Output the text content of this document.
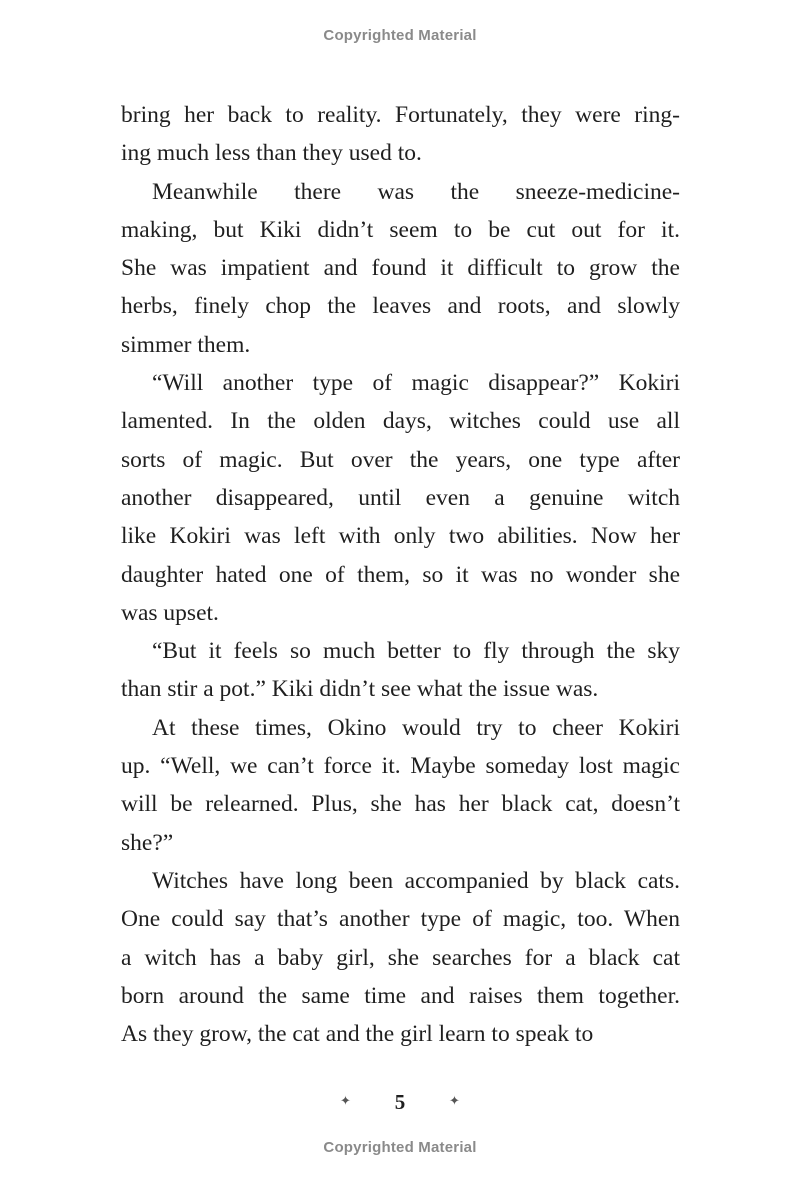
Copyrighted Material

bring her back to reality. Fortunately, they were ring-
ing much less than they used to.

Meanwhile there was the sneeze-medicine-
making, but Kiki didn’t seem to be cut out for it.
She was impatient and found it difficult to grow the
herbs, finely chop the leaves and roots, and slowly
simmer them.

“Will another type of magic disappear?” Kokiri
lamented. In the olden days, witches could use all
sorts of magic. But over the years, one type after
another disappeared, until even a genuine witch
like Kokiri was left with only two abilities. Now her
daughter hated one of them, so it was no wonder she
was upset.

“But it feels so much better to fly through the sky
than stir a pot.” Kiki didn’t see what the issue was.

At these times, Okino would try to cheer Kokiri
up. “Well, we can’t force it. Maybe someday lost magic
will be relearned. Plus, she has her black cat, doesn’t
she?”

Witches have long been accompanied by black cats.
One could say that’s another type of magic, too. When
a witch has a baby girl, she searches for a black cat
born around the same time and raises them together.
As they grow, the cat and the girl learn to speak to

✦	5	✦
Copyrighted Material
